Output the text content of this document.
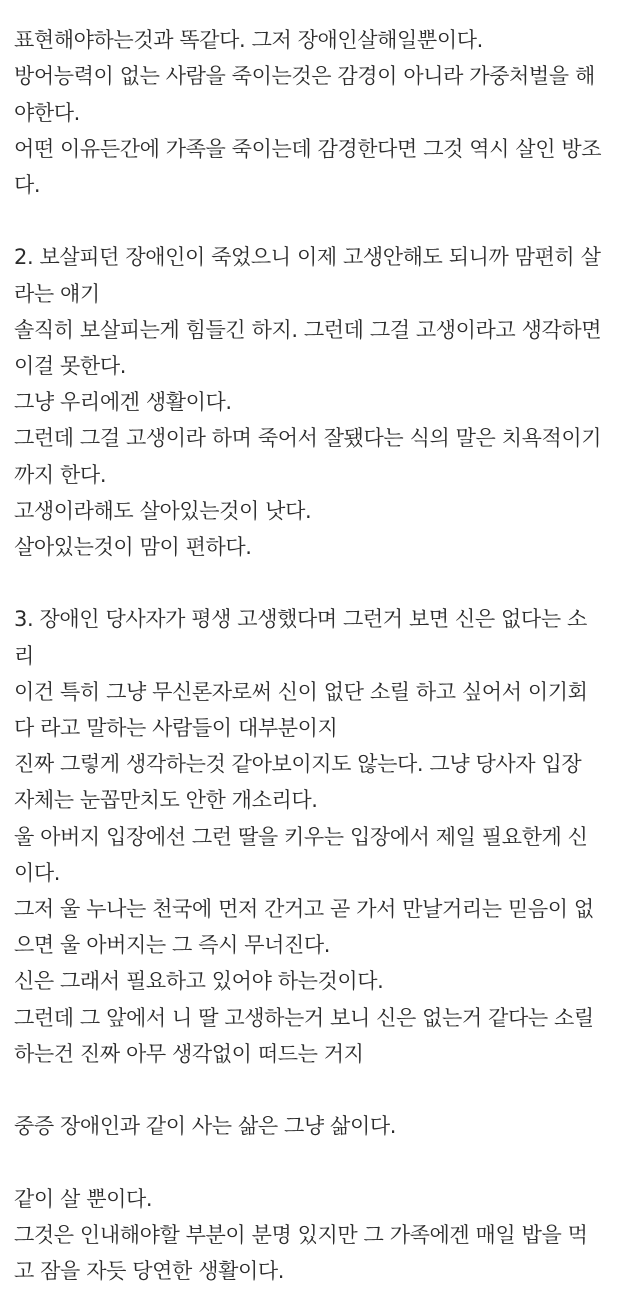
표현해야하는것과 똑같다. 그저 장애인살해일뿐이다.
방어능력이 없는 사람을 죽이는것은 감경이 아니라 가중처벌을 해
야한다.
어떤 이유든간에 가족을 죽이는데 감경한다면 그것 역시 살인 방조
다.
2. 보살피던 장애인이 죽었으니 이제 고생안해도 되니까 맘편히 살
라는 얘기
솔직히 보살피는게 힘들긴 하지. 그런데 그걸 고생이라고 생각하면
이걸 못한다.
그냥 우리에겐 생활이다.
그런데 그걸 고생이라 하며 죽어서 잘됐다는 식의 말은 치욕적이기
까지 한다.
고생이라해도 살아있는것이 낫다.
살아있는것이 맘이 편하다.
3. 장애인 당사자가 평생 고생했다며 그런거 보면 신은 없다는 소
리
이건 특히 그냥 무신론자로써 신이 없단 소릴 하고 싶어서 이기회
다 라고 말하는 사람들이 대부분이지
진짜 그렇게 생각하는것 같아보이지도 않는다. 그냥 당사자 입장
자체는 눈꼽만치도 안한 개소리다.
울 아버지 입장에선 그런 딸을 키우는 입장에서 제일 필요한게 신
이다.
그저 울 누나는 천국에 먼저 간거고 곧 가서 만날거리는 믿음이 없
으면 울 아버지는 그 즉시 무너진다.
신은 그래서 필요하고 있어야 하는것이다.
그런데 그 앞에서 니 딸 고생하는거 보니 신은 없는거 같다는 소릴
하는건 진짜 아무 생각없이 떠드는 거지
중증 장애인과 같이 사는 삶은 그냥 삶이다.
같이 살 뿐이다.
그것은 인내해야할 부분이 분명 있지만 그 가족에겐 매일 밥을 먹
고 잠을 자듯 당연한 생활이다.
